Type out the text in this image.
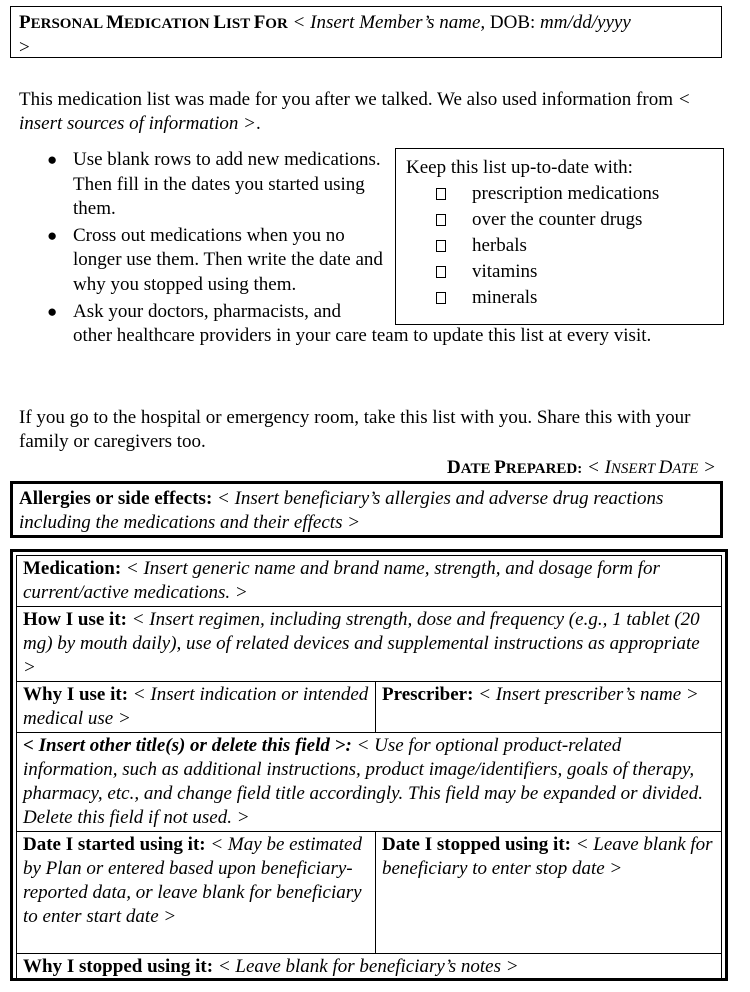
PERSONAL MEDICATION LIST FOR < Insert Member’s name, DOB: mm/dd/yyyy
>

This medication list was made for you after we talked. We also used information from < insert sources of information >.

● Use blank rows to add new medications. Then fill in the dates you started using them.
● Cross out medications when you no longer use them. Then write the date and why you stopped using them.
● Ask your doctors, pharmacists, and
other healthcare providers in your care team to update this list at every visit.
Keep this list up-to-date with:
prescription medications
over the counter drugs
herbals
vitamins
minerals

If you go to the hospital or emergency room, take this list with you. Share this with your family or caregivers too.

DATE PREPARED: < INSERT DATE >
Allergies or side effects: < Insert beneficiary’s allergies and adverse drug reactions including the medications and their effects >
Medication: < Insert generic name and brand name, strength, and dosage form for current/active medications. >	
How I use it: < Insert regimen, including strength, dose and frequency (e.g., 1 tablet (20 mg) by mouth daily), use of related devices and supplemental instructions as appropriate >	
Why I use it: < Insert indication or intended medical use >	Prescriber: < Insert prescriber’s name >
< Insert other title(s) or delete this field >: < Use for optional product-related information, such as additional instructions, product image/identifiers, goals of therapy, pharmacy, etc., and change field title accordingly. This field may be expanded or divided. Delete this field if not used. >	
Date I started using it: < May be estimated by Plan or entered based upon beneficiary-reported data, or leave blank for beneficiary to enter start date >	Date I stopped using it: < Leave blank for beneficiary to enter stop date >
Why I stopped using it: < Leave blank for beneficiary’s notes >	
